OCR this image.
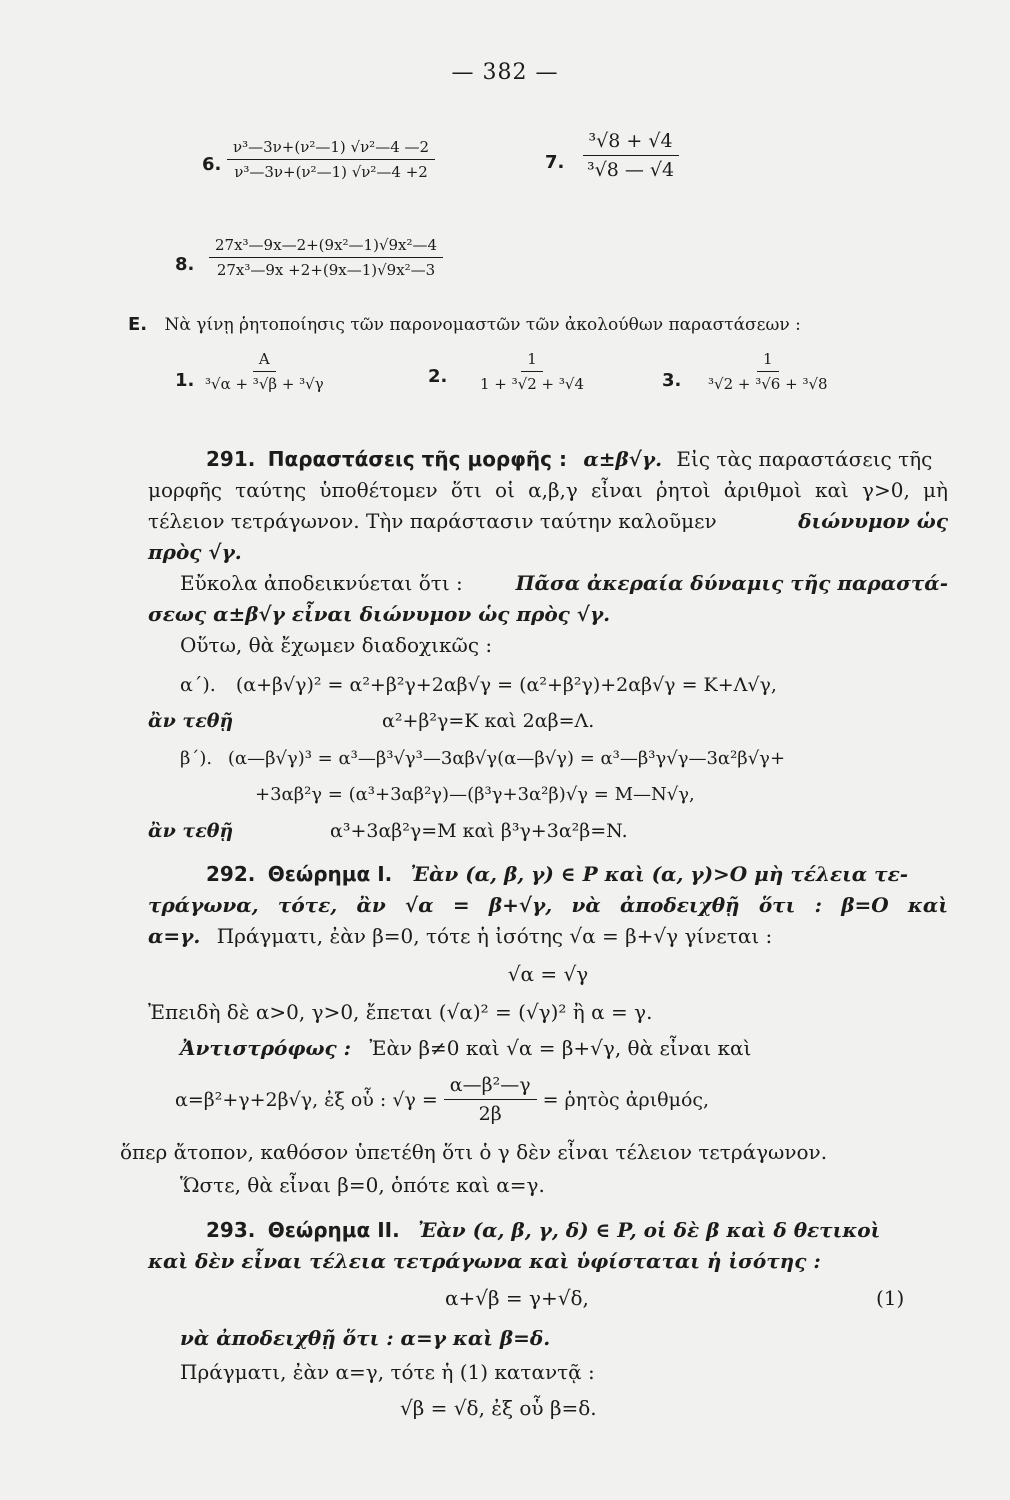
— 382 —
6. $\frac{\text{ν³—3ν+(ν²—1) √ν²—4 —2}}{\text{ν³—3ν+(ν²—1) √ν²—4 +2}}$	7. $\frac{\text{³√8 + √4}}{\text{³√8 — √4}}$
8. $\frac{\text{27x³—9x—2+(9x²—1)√9x²—4}}{\text{27x³—9x +2+(9x—1)√9x²—3}}$
E. Νὰ γίνῃ ῥητοποίησις τῶν παρονομαστῶν τῶν ἀκολούθων παραστάσεων :
1. $\frac{A}{\text{³√α + ³√β + ³√γ}}$	2. $\frac{1}{\text{1 + ³√2 + ³√4}}$	3. $\frac{1}{\text{³√2 + ³√6 + ³√8}}$
291. Παραστάσεις τῆς μορφῆς : α±β√γ. Εἰς τὰς παραστάσεις τῆς
μορφῆς ταύτης ὑποθέτομεν ὅτι οἱ α,β,γ εἶναι ῥητοὶ ἀριθμοὶ καὶ γ>0, μὴ
τέλειον τετράγωνον. Τὴν παράστασιν ταύτην καλοῦμεν	διώνυμον ὡς
πρὸς √γ.
Εὔκολα ἀποδεικνύεται ὅτι :	Πᾶσα ἀκεραία δύναμις τῆς παραστά-
σεως α±β√γ εἶναι διώνυμον ὡς πρὸς √γ.
Οὕτω, θὰ ἔχωμεν διαδοχικῶς :
α΄). (α+β√γ)² = α²+β²γ+2αβ√γ = (α²+β²γ)+2αβ√γ = K+Λ√γ,
ἂν τεθῇ	α²+β²γ=K καὶ 2αβ=Λ.
β΄). (α—β√γ)³ = α³—β³√γ³—3αβ√γ(α—β√γ) = α³—β³γ√γ—3α²β√γ+
+3αβ²γ = (α³+3αβ²γ)—(β³γ+3α²β)√γ = M—N√γ,
ἂν τεθῇ	α³+3αβ²γ=M καὶ β³γ+3α²β=N.
292. Θεώρημα I. Ἐὰν (α, β, γ) ∈ P καὶ (α, γ)>O μὴ τέλεια τε-
τράγωνα, τότε, ἂν √α = β+√γ, νὰ ἀποδειχθῇ ὅτι : β=O καὶ
α=γ. Πράγματι, ἐὰν β=0, τότε ἡ ἰσότης √α = β+√γ γίνεται :
√α = √γ
Ἐπειδὴ δὲ α>0, γ>0, ἔπεται (√α)² = (√γ)² ἢ α = γ.
Ἀντιστρόφως : Ἐὰν β≠0 καὶ √α = β+√γ, θὰ εἶναι καὶ
α=β²+γ+2β√γ, ἐξ οὗ : $√\gamma = \frac{\text{α—β²—γ}}{2\beta}$ = ῥητὸς ἀριθμός,
ὅπερ ἄτοπον, καθόσον ὑπετέθη ὅτι ὁ γ δὲν εἶναι τέλειον τετράγωνον.
Ὥστε, θὰ εἶναι β=0, ὁπότε καὶ α=γ.
293. Θεώρημα II. Ἐὰν (α, β, γ, δ) ∈ P, οἱ δὲ β καὶ δ θετικοὶ
καὶ δὲν εἶναι τέλεια τετράγωνα καὶ ὑφίσταται ἡ ἰσότης :
α+√β = γ+√δ,	(1)
νὰ ἀποδειχθῇ ὅτι : α=γ καὶ β=δ.
Πράγματι, ἐὰν α=γ, τότε ἡ (1) καταντᾷ :
√β = √δ, ἐξ οὗ β=δ.
